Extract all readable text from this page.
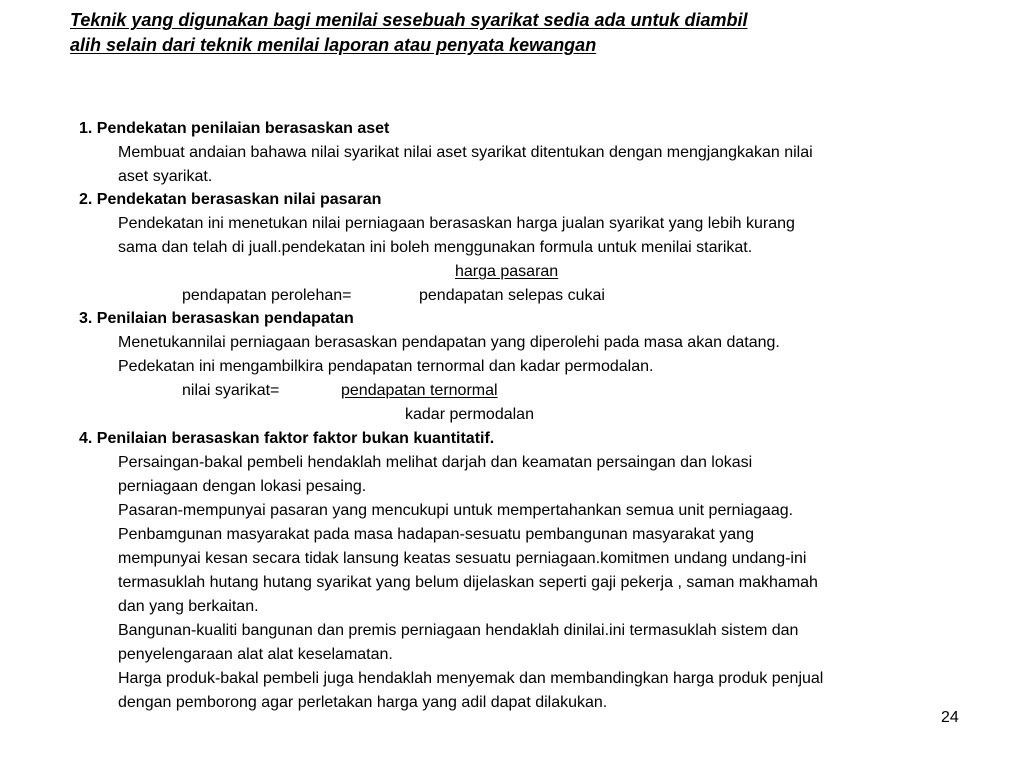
Teknik yang digunakan bagi menilai sesebuah syarikat sedia ada untuk diambil
alih selain dari teknik menilai laporan atau penyata kewangan
1. Pendekatan penilaian berasaskan aset
Membuat andaian bahawa nilai syarikat nilai aset syarikat ditentukan dengan mengjangkakan nilai
aset syarikat.
2. Pendekatan berasaskan nilai pasaran
Pendekatan ini menetukan nilai perniagaan berasaskan harga jualan syarikat yang lebih kurang
sama dan telah di juall.pendekatan ini boleh menggunakan formula untuk menilai starikat.
harga pasaran
pendapatan perolehan=	pendapatan selepas cukai
3. Penilaian berasaskan pendapatan
Menetukannilai perniagaan berasaskan pendapatan yang diperolehi pada masa akan datang.
Pedekatan ini mengambilkira pendapatan ternormal dan kadar permodalan.
nilai syarikat=	pendapatan ternormal
kadar permodalan
4. Penilaian berasaskan faktor faktor bukan kuantitatif.
Persaingan-bakal pembeli hendaklah melihat darjah dan keamatan persaingan dan lokasi
perniagaan dengan lokasi pesaing.
Pasaran-mempunyai pasaran yang mencukupi untuk mempertahankan semua unit perniagaag.
Penbamgunan masyarakat pada masa hadapan-sesuatu pembangunan masyarakat yang
mempunyai kesan secara tidak lansung keatas sesuatu perniagaan.komitmen undang undang-ini
termasuklah hutang hutang syarikat yang belum dijelaskan seperti gaji pekerja , saman makhamah
dan yang berkaitan.
Bangunan-kualiti bangunan dan premis perniagaan hendaklah dinilai.ini termasuklah sistem dan
penyelengaraan alat alat keselamatan.
Harga produk-bakal pembeli juga hendaklah menyemak dan membandingkan harga produk penjual
dengan pemborong agar perletakan harga yang adil dapat dilakukan.
24
